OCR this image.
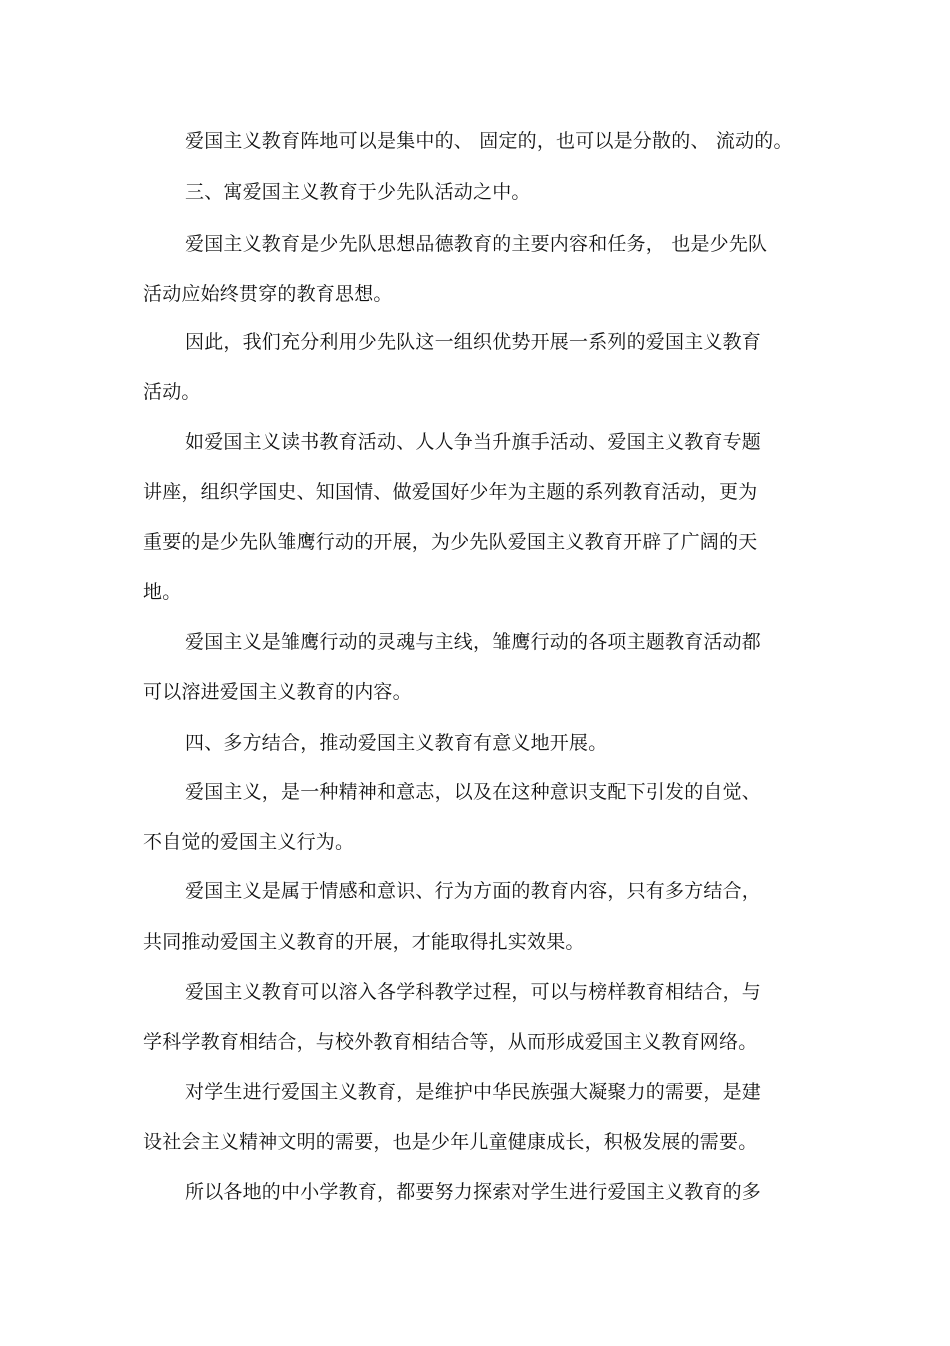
爱国主义教育阵地可以是集中的、 固定的，也可以是分散的、 流动的。
三、寓爱国主义教育于少先队活动之中。
爱国主义教育是少先队思想品德教育的主要内容和任务， 也是少先队
活动应始终贯穿的教育思想。
因此，我们充分利用少先队这一组织优势开展一系列的爱国主义教育
活动。
如爱国主义读书教育活动、人人争当升旗手活动、爱国主义教育专题
讲座，组织学国史、知国情、做爱国好少年为主题的系列教育活动，更为
重要的是少先队雏鹰行动的开展，为少先队爱国主义教育开辟了广阔的天
地。
爱国主义是雏鹰行动的灵魂与主线，雏鹰行动的各项主题教育活动都
可以溶进爱国主义教育的内容。
四、多方结合，推动爱国主义教育有意义地开展。
爱国主义，是一种精神和意志，以及在这种意识支配下引发的自觉、
不自觉的爱国主义行为。
爱国主义是属于情感和意识、行为方面的教育内容，只有多方结合，
共同推动爱国主义教育的开展，才能取得扎实效果。
爱国主义教育可以溶入各学科教学过程，可以与榜样教育相结合，与
学科学教育相结合，与校外教育相结合等，从而形成爱国主义教育网络。
对学生进行爱国主义教育，是维护中华民族强大凝聚力的需要，是建
设社会主义精神文明的需要，也是少年儿童健康成长，积极发展的需要。
所以各地的中小学教育，都要努力探索对学生进行爱国主义教育的多
